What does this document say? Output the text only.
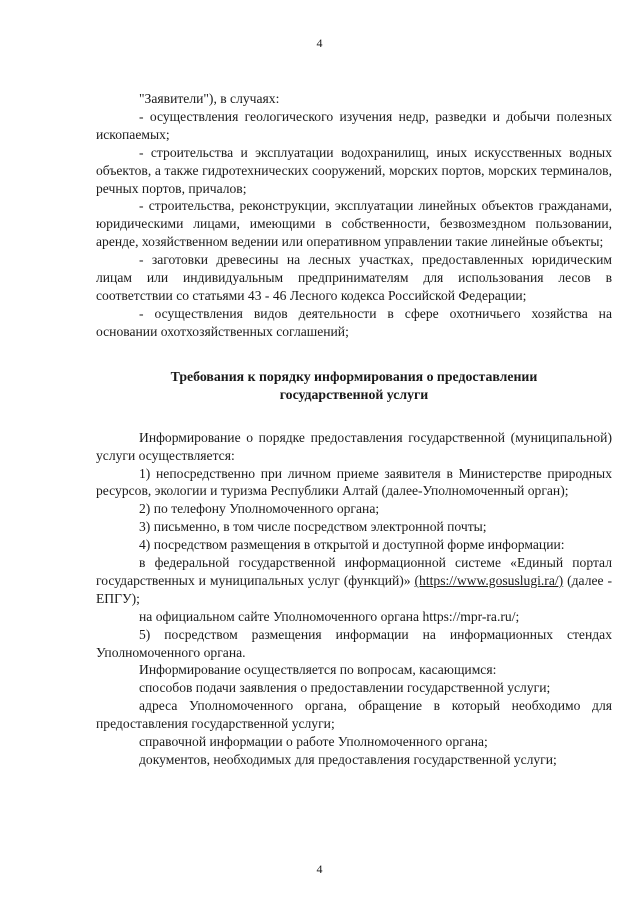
4

"Заявители"), в случаях:

- осуществления геологического изучения недр, разведки и добычи полезных ископаемых;

- строительства и эксплуатации водохранилищ, иных искусственных водных объектов, а также гидротехнических сооружений, морских портов, морских терминалов, речных портов, причалов;

- строительства, реконструкции, эксплуатации линейных объектов гражданами, юридическими лицами, имеющими в собственности, безвозмездном пользовании, аренде, хозяйственном ведении или оперативном управлении такие линейные объекты;

- заготовки древесины на лесных участках, предоставленных юридическим лицам или индивидуальным предпринимателям для использования лесов в соответствии со статьями 43 - 46 Лесного кодекса Российской Федерации;

- осуществления видов деятельности в сфере охотничьего хозяйства на основании охотхозяйственных соглашений;

Требования к порядку информирования о предоставлении государственной услуги

Информирование о порядке предоставления государственной (муниципальной) услуги осуществляется:

1) непосредственно при личном приеме заявителя в Министерстве природных ресурсов, экологии и туризма Республики Алтай (далее-Уполномоченный орган);

2) по телефону Уполномоченного органа;

3) письменно, в том числе посредством электронной почты;

4) посредством размещения в открытой и доступной форме информации:

в федеральной государственной информационной системе «Единый портал государственных и муниципальных услуг (функций)» (https://www.gosuslugi.ra/) (далее - ЕПГУ);

на официальном сайте Уполномоченного органа https://mpr-ra.ru/;

5) посредством размещения информации на информационных стендах Уполномоченного органа.

Информирование осуществляется по вопросам, касающимся:

способов подачи заявления о предоставлении государственной услуги;

адреса Уполномоченного органа, обращение в который необходимо для предоставления государственной услуги;

справочной информации о работе Уполномоченного органа;

документов, необходимых для предоставления государственной услуги;

4
